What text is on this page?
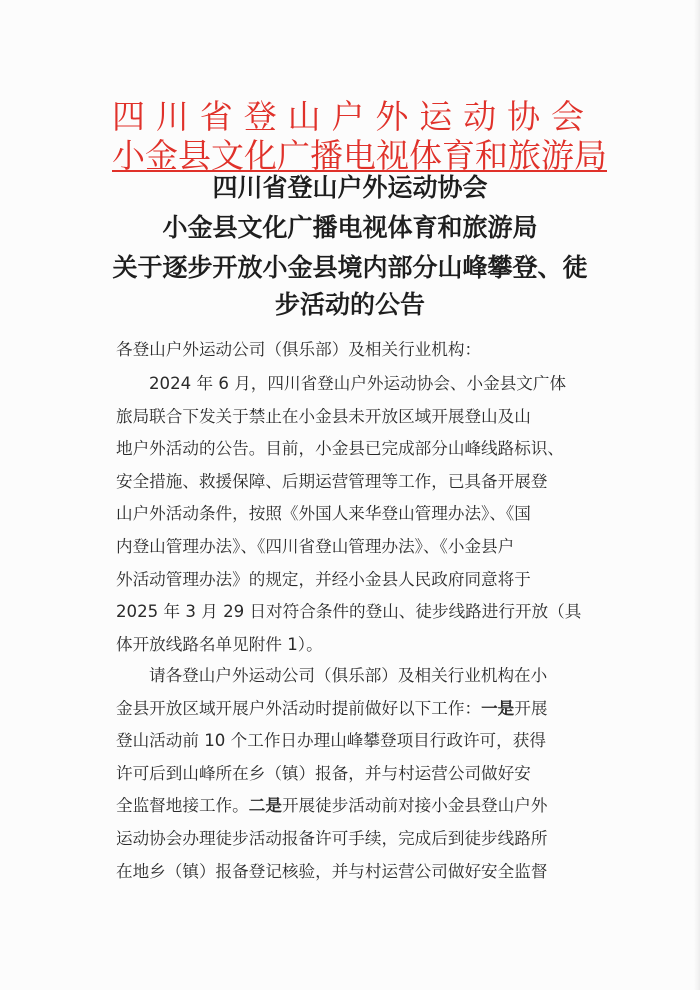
四川省登山户外运动协会
小金县文化广播电视体育和旅游局
四川省登山户外运动协会
小金县文化广播电视体育和旅游局
关于逐步开放小金县境内部分山峰攀登、徒
步活动的公告
各登山户外运动公司（俱乐部）及相关行业机构：
2024 年 6 月，四川省登山户外运动协会、小金县文广体
旅局联合下发关于禁止在小金县未开放区域开展登山及山
地户外活动的公告。目前，小金县已完成部分山峰线路标识、
安全措施、救援保障、后期运营管理等工作，已具备开展登
山户外活动条件，按照《外国人来华登山管理办法》、《国
内登山管理办法》、《四川省登山管理办法》、《小金县户
外活动管理办法》的规定，并经小金县人民政府同意将于
2025 年 3 月 29 日对符合条件的登山、徒步线路进行开放（具
体开放线路名单见附件 1）。
请各登山户外运动公司（俱乐部）及相关行业机构在小
金县开放区域开展户外活动时提前做好以下工作：一是开展
登山活动前 10 个工作日办理山峰攀登项目行政许可，获得
许可后到山峰所在乡（镇）报备，并与村运营公司做好安
全监督地接工作。二是开展徒步活动前对接小金县登山户外
运动协会办理徒步活动报备许可手续，完成后到徒步线路所
在地乡（镇）报备登记核验，并与村运营公司做好安全监督
